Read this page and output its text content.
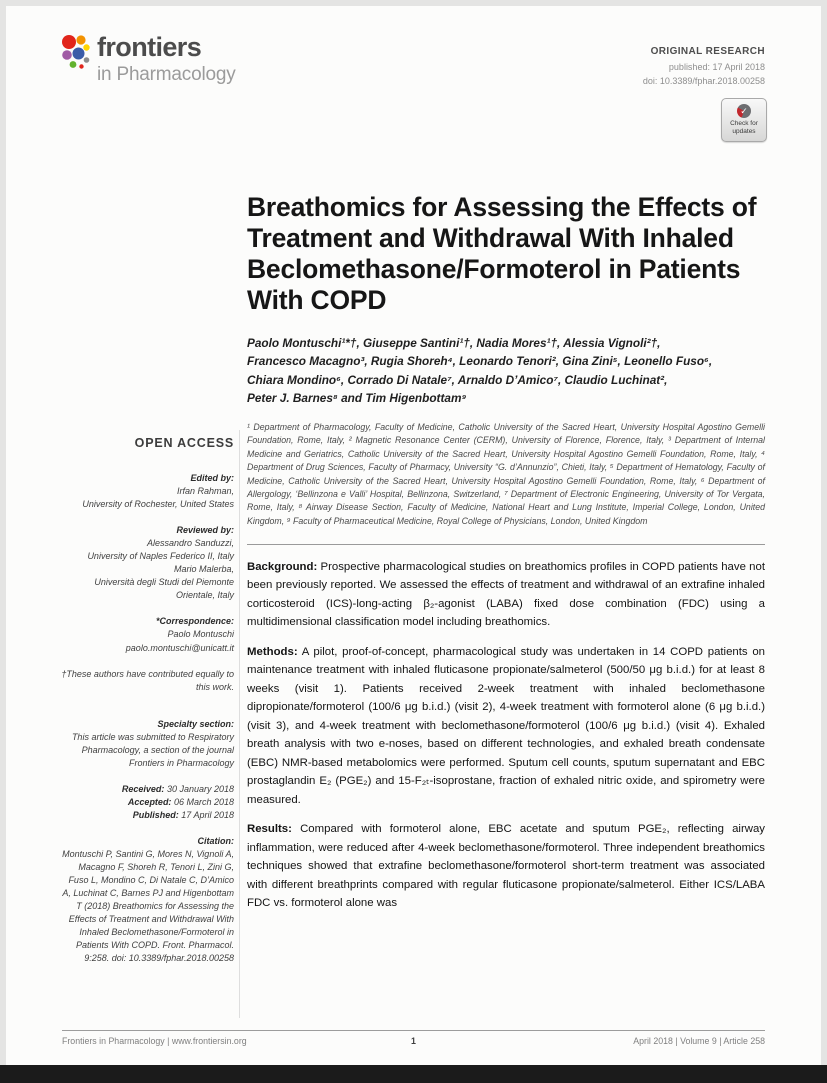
frontiers
in Pharmacology
ORIGINAL RESEARCH
published: 17 April 2018
doi: 10.3389/fphar.2018.00258
✓
Check for
updates
OPEN ACCESS
Edited by:
Irfan Rahman,
University of Rochester, United States
Reviewed by:
Alessandro Sanduzzi,
University of Naples Federico II, Italy
Mario Malerba,
Università degli Studi del Piemonte Orientale, Italy
*Correspondence:
Paolo Montuschi
paolo.montuschi@unicatt.it
†These authors have contributed equally to this work.
Specialty section:
This article was submitted to Respiratory Pharmacology, a section of the journal Frontiers in Pharmacology
Received: 30 January 2018
Accepted: 06 March 2018
Published: 17 April 2018
Citation:
Montuschi P, Santini G, Mores N, Vignoli A, Macagno F, Shoreh R, Tenori L, Zini G, Fuso L, Mondino C, Di Natale C, D’Amico A, Luchinat C, Barnes PJ and Higenbottam T (2018) Breathomics for Assessing the Effects of Treatment and Withdrawal With Inhaled Beclomethasone/Formoterol in Patients With COPD. Front. Pharmacol. 9:258. doi: 10.3389/fphar.2018.00258
Breathomics for Assessing the Effects of Treatment and Withdrawal With Inhaled Beclomethasone/Formoterol in Patients With COPD
Paolo Montuschi¹*†, Giuseppe Santini¹†, Nadia Mores¹†, Alessia Vignoli²†,
Francesco Macagno³, Rugia Shoreh⁴, Leonardo Tenori², Gina Zini⁵, Leonello Fuso⁶,
Chiara Mondino⁶, Corrado Di Natale⁷, Arnaldo D’Amico⁷, Claudio Luchinat²,
Peter J. Barnes⁸ and Tim Higenbottam⁹
¹ Department of Pharmacology, Faculty of Medicine, Catholic University of the Sacred Heart, University Hospital Agostino Gemelli Foundation, Rome, Italy, ² Magnetic Resonance Center (CERM), University of Florence, Florence, Italy, ³ Department of Internal Medicine and Geriatrics, Catholic University of the Sacred Heart, University Hospital Agostino Gemelli Foundation, Rome, Italy, ⁴ Department of Drug Sciences, Faculty of Pharmacy, University “G. d’Annunzio”, Chieti, Italy, ⁵ Department of Hematology, Faculty of Medicine, Catholic University of the Sacred Heart, University Hospital Agostino Gemelli Foundation, Rome, Italy, ⁶ Department of Allergology, ‘Bellinzona e Valli’ Hospital, Bellinzona, Switzerland, ⁷ Department of Electronic Engineering, University of Tor Vergata, Rome, Italy, ⁸ Airway Disease Section, Faculty of Medicine, National Heart and Lung Institute, Imperial College, London, United Kingdom, ⁹ Faculty of Pharmaceutical Medicine, Royal College of Physicians, London, United Kingdom

Background: Prospective pharmacological studies on breathomics profiles in COPD patients have not been previously reported. We assessed the effects of treatment and withdrawal of an extrafine inhaled corticosteroid (ICS)-long-acting β₂-agonist (LABA) fixed dose combination (FDC) using a multidimensional classification model including breathomics.

Methods: A pilot, proof-of-concept, pharmacological study was undertaken in 14 COPD patients on maintenance treatment with inhaled fluticasone propionate/salmeterol (500/50 μg b.i.d.) for at least 8 weeks (visit 1). Patients received 2-week treatment with inhaled beclomethasone dipropionate/formoterol (100/6 μg b.i.d.) (visit 2), 4-week treatment with formoterol alone (6 μg b.i.d.) (visit 3), and 4-week treatment with beclomethasone/formoterol (100/6 μg b.i.d.) (visit 4). Exhaled breath analysis with two e-noses, based on different technologies, and exhaled breath condensate (EBC) NMR-based metabolomics were performed. Sputum cell counts, sputum supernatant and EBC prostaglandin E₂ (PGE₂) and 15-F₂ₜ-isoprostane, fraction of exhaled nitric oxide, and spirometry were measured.

Results: Compared with formoterol alone, EBC acetate and sputum PGE₂, reflecting airway inflammation, were reduced after 4-week beclomethasone/formoterol. Three independent breathomics techniques showed that extrafine beclomethasone/formoterol short-term treatment was associated with different breathprints compared with regular fluticasone propionate/salmeterol. Either ICS/LABA FDC vs. formoterol alone was

Frontiers in Pharmacology | www.frontiersin.org	1	April 2018 | Volume 9 | Article 258
